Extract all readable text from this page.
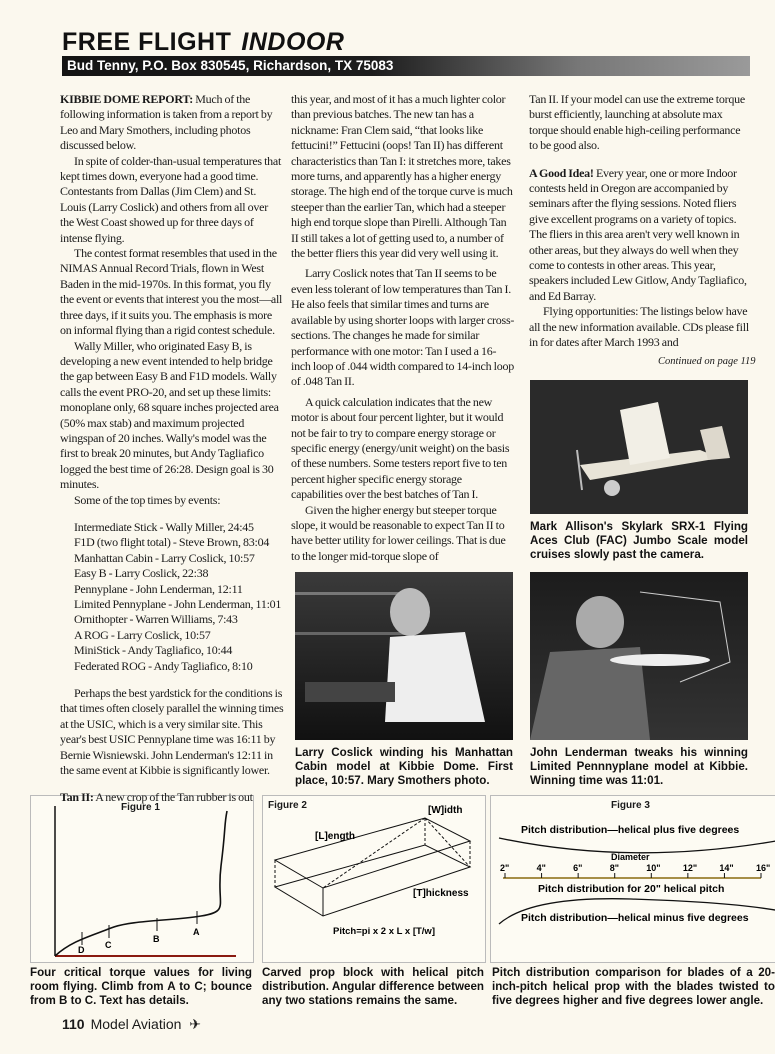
FREE FLIGHT INDOOR
Bud Tenny, P.O. Box 830545, Richardson, TX 75083

KIBBIE DOME REPORT: Much of the following information is taken from a report by Leo and Mary Smothers, including photos discussed below.

In spite of colder-than-usual temperatures that kept times down, everyone had a good time. Contestants from Dallas (Jim Clem) and St. Louis (Larry Coslick) and others from all over the West Coast showed up for three days of intense flying.

The contest format resembles that used in the NIMAS Annual Record Trials, flown in West Baden in the mid-1970s. In this format, you fly the event or events that interest you the most—all three days, if it suits you. The emphasis is more on informal flying than a rigid contest schedule.

Wally Miller, who originated Easy B, is developing a new event intended to help bridge the gap between Easy B and F1D models. Wally calls the event PRO-20, and set up these limits: monoplane only, 68 square inches projected area (50% max stab) and maximum projected wingspan of 20 inches. Wally's model was the first to break 20 minutes, but Andy Tagliafico logged the best time of 26:28. Design goal is 30 minutes.

Some of the top times by events:

Intermediate Stick - Wally Miller, 24:45

F1D (two flight total) - Steve Brown, 83:04

Manhattan Cabin - Larry Coslick, 10:57

Easy B - Larry Coslick, 22:38

Pennyplane - John Lenderman, 12:11

Limited Pennyplane - John Lenderman, 11:01

Ornithopter - Warren Williams, 7:43

A ROG - Larry Coslick, 10:57

MiniStick - Andy Tagliafico, 10:44

Federated ROG - Andy Tagliafico, 8:10

Perhaps the best yardstick for the conditions is that times often closely parallel the winning times at the USIC, which is a very similar site. This year's best USIC Pennyplane time was 16:11 by Bernie Wisniewski. John Lenderman's 12:11 in the same event at Kibbie is significantly lower.

Tan II: A new crop of the Tan rubber is out

this year, and most of it has a much lighter color than previous batches. The new tan has a nickname: Fran Clem said, “that looks like fettucini!” Fettucini (oops! Tan II) has different characteristics than Tan I: it stretches more, takes more turns, and apparently has a higher energy storage. The high end of the torque curve is much steeper than the earlier Tan, which had a steeper high end torque slope than Pirelli. Although Tan II still takes a lot of getting used to, a number of the better fliers this year did very well using it.

Larry Coslick notes that Tan II seems to be even less tolerant of low temperatures than Tan I. He also feels that similar times and turns are available by using shorter loops with larger cross-sections. The changes he made for similar performance with one motor: Tan I used a 16-inch loop of .044 width compared to 14-inch loop of .048 Tan II.

A quick calculation indicates that the new motor is about four percent lighter, but it would not be fair to try to compare energy storage or specific energy (energy/unit weight) on the basis of these numbers. Some testers report five to ten percent higher specific energy storage capabilities over the best batches of Tan I.

Given the higher energy but steeper torque slope, it would be reasonable to expect Tan II to have better utility for lower ceilings. That is due to the longer mid-torque slope of

Tan II. If your model can use the extreme torque burst efficiently, launching at absolute max torque should enable high-ceiling performance to be good also.

A Good Idea! Every year, one or more Indoor contests held in Oregon are accompanied by seminars after the flying sessions. Noted fliers give excellent programs on a variety of topics. The fliers in this area aren't very well known in other areas, but they always do well when they come to contests in other areas. This year, speakers included Lew Gitlow, Andy Tagliafico, and Ed Barray.

Flying opportunities: The listings below have all the new information available. CDs please fill in for dates after March 1993 and

Continued on page 119
Mark Allison's Skylark SRX-1 Flying Aces Club (FAC) Jumbo Scale model cruises slowly past the camera.
Larry Coslick winding his Manhattan Cabin model at Kibbie Dome. First place, 10:57. Mary Smothers photo.
John Lenderman tweaks his winning Limited Pennnyplane model at Kibbie. Winning time was 11:01.
Figure 1
D C
B
A
Four critical torque values for living room flying. Climb from A to C; bounce from B to C. Text has details.
Figure 2
[L]ength
[W]idth
[T]hickness
Pitch=pi x 2 x L x [T/w]
Carved prop block with helical pitch distribution. Angular difference between any two stations remains the same.
Figure 3
Pitch distribution—helical plus five degrees
Diameter
2"	4"	6"	8"	10" 12" 14" 16"
Pitch distribution for 20" helical pitch
Pitch distribution—helical minus five degrees
Pitch distribution comparison for blades of a 20-inch-pitch helical prop with the blades twisted to five degrees higher and five degrees lower angle.
110 Model Aviation ✈
